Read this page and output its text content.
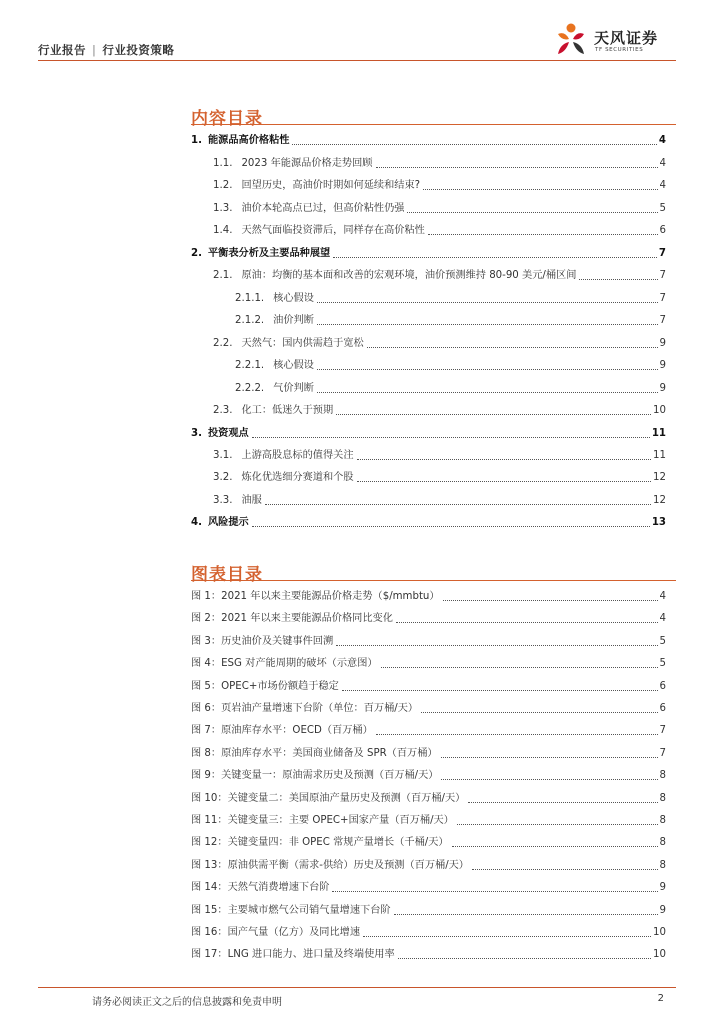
行业报告 | 行业投资策略
天风证券
TF SECURITIES
内容目录
1. 能源品高价格粘性	4
1.1. 2023 年能源品价格走势回顾	4
1.2. 回望历史，高油价时期如何延续和结束?	4
1.3. 油价本轮高点已过，但高价粘性仍强	5
1.4. 天然气面临投资滞后，同样存在高价粘性	6
2. 平衡表分析及主要品种展望	7
2.1. 原油：均衡的基本面和改善的宏观环境，油价预测维持 80-90 美元/桶区间	7
2.1.1. 核心假设	7
2.1.2. 油价判断	7
2.2. 天然气：国内供需趋于宽松	9
2.2.1. 核心假设	9
2.2.2. 气价判断	9
2.3. 化工：低迷久于预期	10
3. 投资观点	11
3.1. 上游高股息标的值得关注	11
3.2. 炼化优选细分赛道和个股	12
3.3. 油服	12
4. 风险提示	13
图表目录
图 1： 2021 年以来主要能源品价格走势（$/mmbtu）	4
图 2： 2021 年以来主要能源品价格同比变化	4
图 3： 历史油价及关键事件回溯	5
图 4： ESG 对产能周期的破坏（示意图）	5
图 5： OPEC+市场份额趋于稳定	6
图 6： 页岩油产量增速下台阶（单位：百万桶/天）	6
图 7： 原油库存水平：OECD（百万桶）	7
图 8： 原油库存水平：美国商业储备及 SPR（百万桶）	7
图 9： 关键变量一：原油需求历史及预测（百万桶/天）	8
图 10： 关键变量二：美国原油产量历史及预测（百万桶/天）	8
图 11： 关键变量三：主要 OPEC+国家产量（百万桶/天）	8
图 12： 关键变量四：非 OPEC 常规产量增长（千桶/天）	8
图 13： 原油供需平衡（需求-供给）历史及预测（百万桶/天）	8
图 14： 天然气消费增速下台阶	9
图 15： 主要城市燃气公司销气量增速下台阶	9
图 16： 国产气量（亿方）及同比增速	10
图 17： LNG 进口能力、进口量及终端使用率	10
请务必阅读正文之后的信息披露和免责申明	2
